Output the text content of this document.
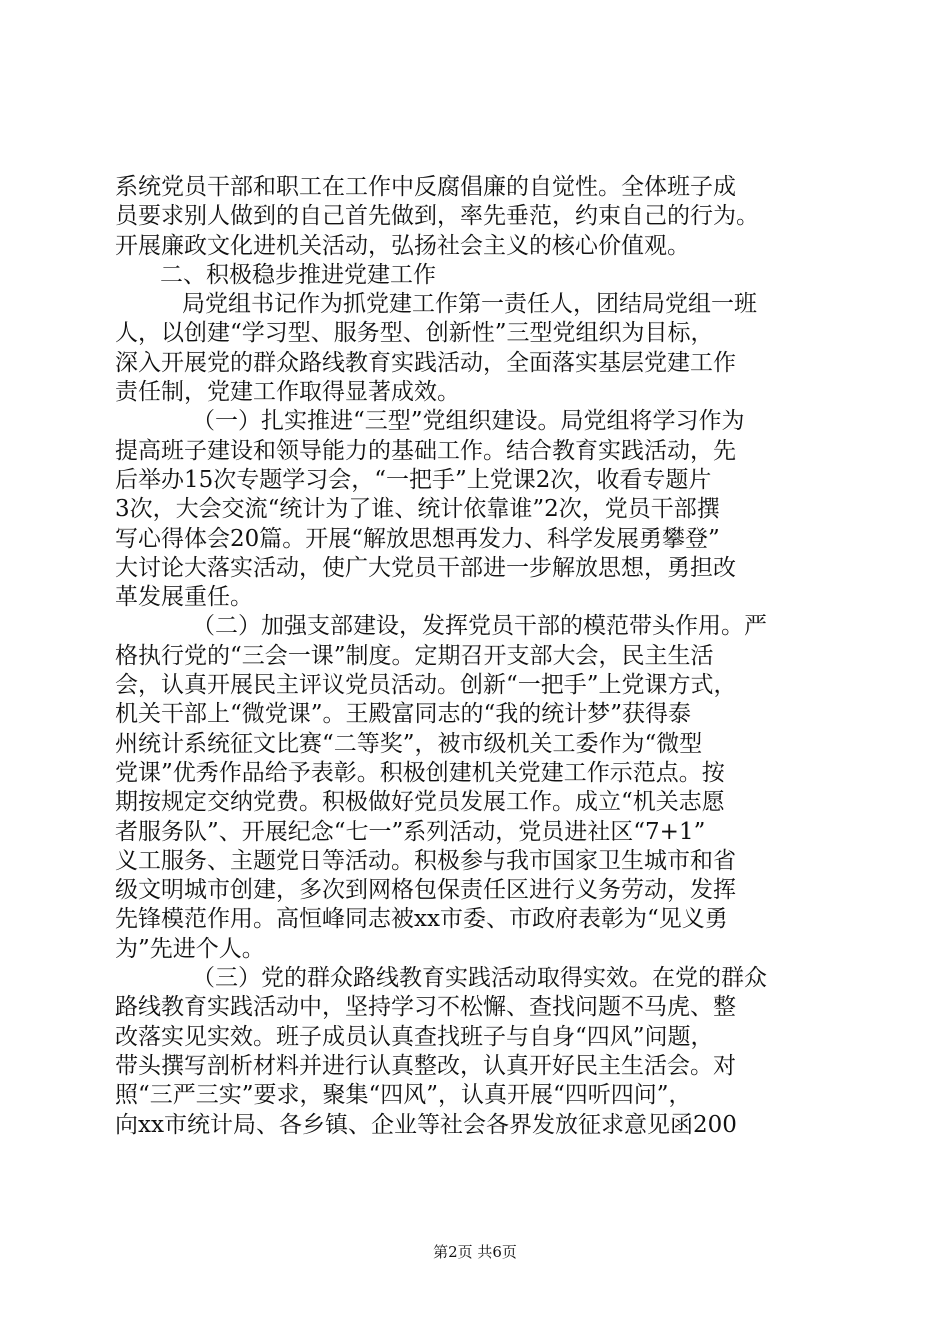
系统党员干部和职工在工作中反腐倡廉的自觉性。全体班子成
员要求别人做到的自己首先做到，率先垂范，约束自己的行为。
开展廉政文化进机关活动，弘扬社会主义的核心价值观。
二、积极稳步推进党建工作
局党组书记作为抓党建工作第一责任人，团结局党组一班
人，以创建“学习型、服务型、创新性”三型党组织为目标，
深入开展党的群众路线教育实践活动，全面落实基层党建工作
责任制，党建工作取得显著成效。
（一）扎实推进“三型”党组织建设。局党组将学习作为
提高班子建设和领导能力的基础工作。结合教育实践活动，先
后举办15次专题学习会，“一把手”上党课2次，收看专题片
3次，大会交流“统计为了谁、统计依靠谁”2次，党员干部撰
写心得体会20篇。开展“解放思想再发力、科学发展勇攀登”
大讨论大落实活动，使广大党员干部进一步解放思想，勇担改
革发展重任。
（二）加强支部建设，发挥党员干部的模范带头作用。严
格执行党的“三会一课”制度。定期召开支部大会，民主生活
会，认真开展民主评议党员活动。创新“一把手”上党课方式，
机关干部上“微党课”。王殿富同志的“我的统计梦”获得泰
州统计系统征文比赛“二等奖”，被市级机关工委作为“微型
党课”优秀作品给予表彰。积极创建机关党建工作示范点。按
期按规定交纳党费。积极做好党员发展工作。成立“机关志愿
者服务队”、开展纪念“七一”系列活动，党员进社区“7+1”
义工服务、主题党日等活动。积极参与我市国家卫生城市和省
级文明城市创建，多次到网格包保责任区进行义务劳动，发挥
先锋模范作用。高恒峰同志被xx市委、市政府表彰为“见义勇
为”先进个人。
（三）党的群众路线教育实践活动取得实效。在党的群众
路线教育实践活动中，坚持学习不松懈、查找问题不马虎、整
改落实见实效。班子成员认真查找班子与自身“四风”问题，
带头撰写剖析材料并进行认真整改，认真开好民主生活会。对
照“三严三实”要求，聚集“四风”，认真开展“四听四问”，
向xx市统计局、各乡镇、企业等社会各界发放征求意见函200
第2页 共6页
